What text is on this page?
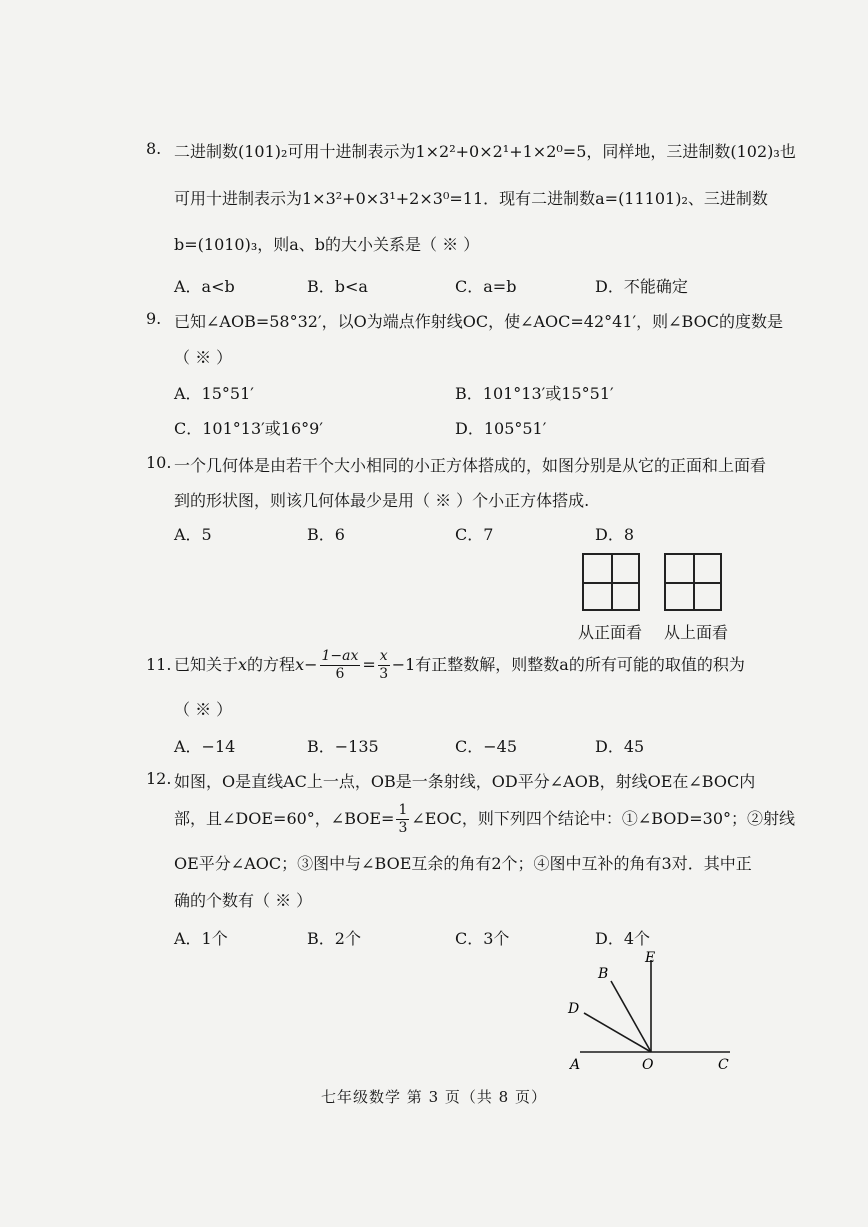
8. 二进制数(101)₂可用十进制表示为1×2²+0×2¹+1×2⁰=5，同样地，三进制数(102)₃也
可用十进制表示为1×3²+0×3¹+2×3⁰=11．现有二进制数a=(11101)₂、三进制数
b=(1010)₃，则a、b的大小关系是（ ※ ）
A．a<b	B．b<a	C．a=b	D．不能确定
9. 已知∠AOB=58°32′，以O为端点作射线OC，使∠AOC=42°41′，则∠BOC的度数是
（ ※ ）
A．15°51′	B．101°13′或15°51′
C．101°13′或16°9′	D．105°51′
10. 一个几何体是由若干个大小相同的小正方体搭成的，如图分别是从它的正面和上面看
到的形状图，则该几何体最少是用（ ※ ）个小正方体搭成.
A．5	B．6	C．7	D．8
从正面看 从上面看
11. 已知关于x的方程$x- \frac{1-ax}{6} = \frac{x}{3} -1$有正整数解，则整数a的所有可能的取值的积为
（ ※ ）
A．−14	B．−135	C．−45	D．45
12. 如图，O是直线AC上一点，OB是一条射线，OD平分∠AOB，射线OE在∠BOC内
部，且∠DOE=60°，∠BOE= $\frac{1}{3}$ ∠EOC，则下列四个结论中：①∠BOD=30°；②射线
OE平分∠AOC；③图中与∠BOE互余的角有2个；④图中互补的角有3对．其中正
确的个数有（ ※ ）
A．1个	B．2个	C．3个	D．4个
A	O	C
B
D
E
七年级数学 第 3 页（共 8 页）
